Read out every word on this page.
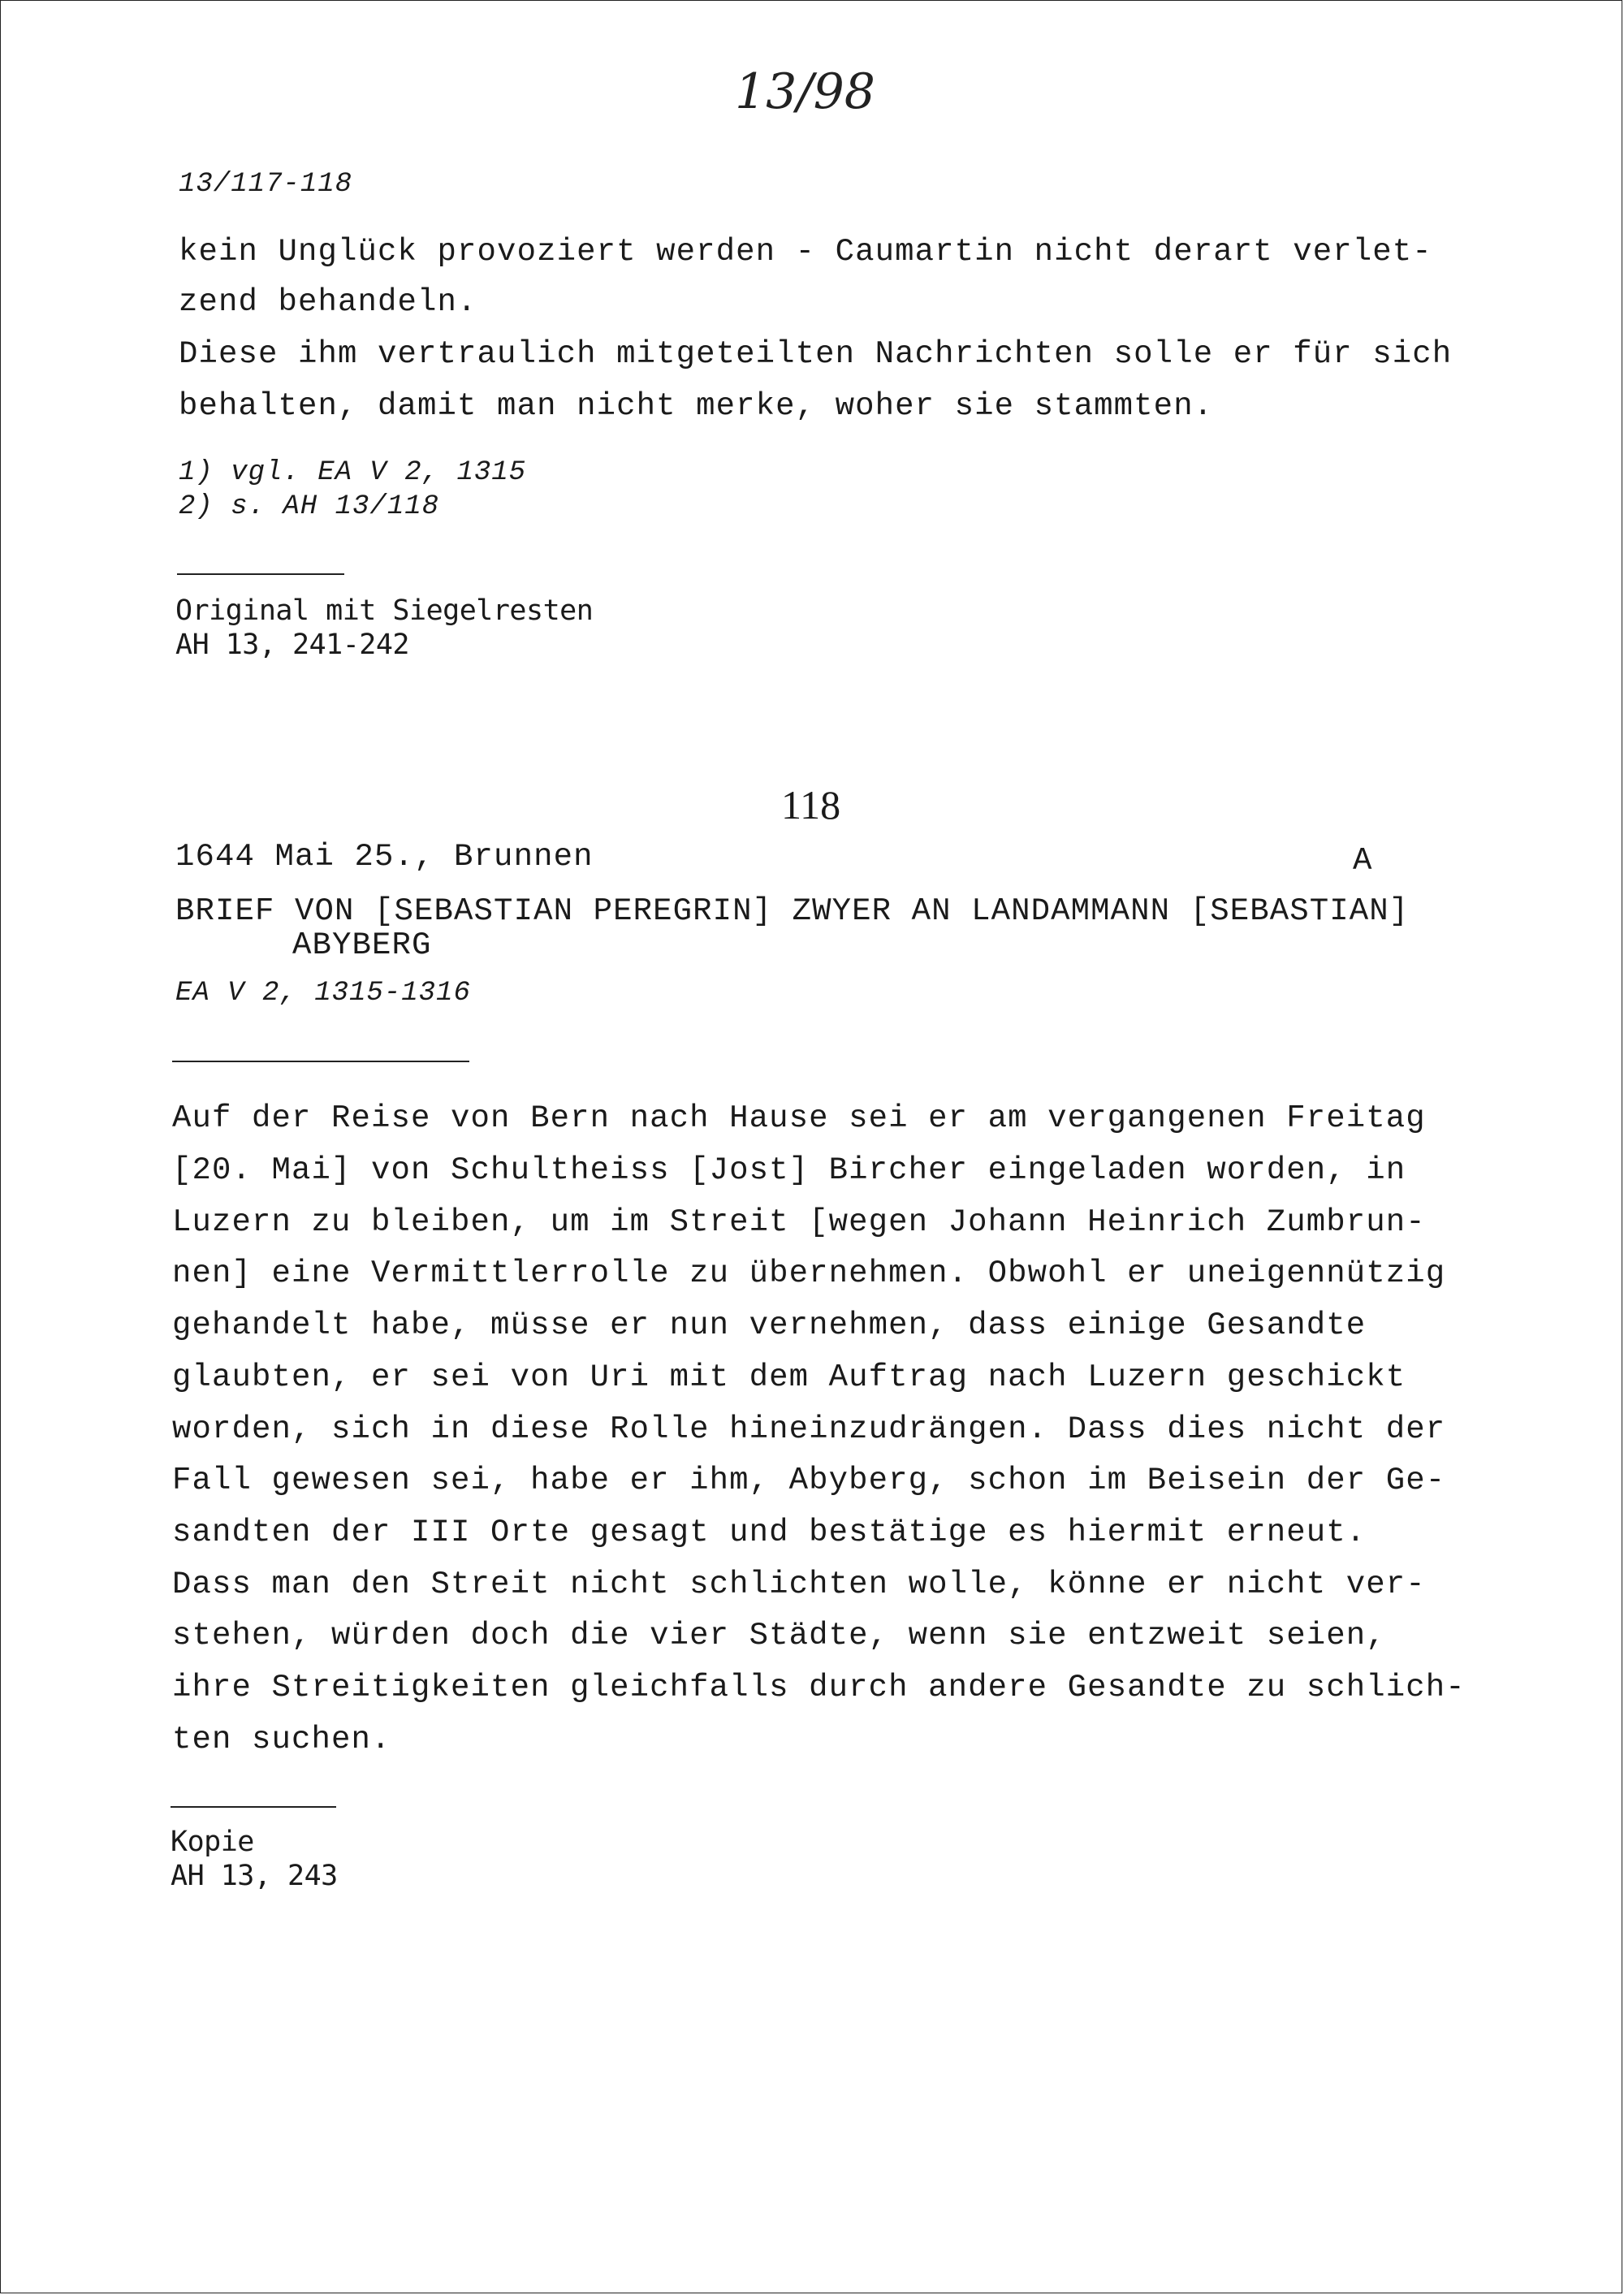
13/98
13/117-118
kein Unglück provoziert werden - Caumartin nicht derart verlet-
zend behandeln.
Diese ihm vertraulich mitgeteilten Nachrichten solle er für sich
behalten, damit man nicht merke, woher sie stammten.
1) vgl. EA V 2, 1315
2) s. AH 13/118
Original mit Siegelresten
AH 13, 241-242
118
1644 Mai 25., Brunnen	A
BRIEF VON [SEBASTIAN PEREGRIN] ZWYER AN LANDAMMANN [SEBASTIAN]
ABYBERG
EA V 2, 1315-1316
Auf der Reise von Bern nach Hause sei er am vergangenen Freitag
[20. Mai] von Schultheiss [Jost] Bircher eingeladen worden, in
Luzern zu bleiben, um im Streit [wegen Johann Heinrich Zumbrun-
nen] eine Vermittlerrolle zu übernehmen. Obwohl er uneigennützig
gehandelt habe, müsse er nun vernehmen, dass einige Gesandte
glaubten, er sei von Uri mit dem Auftrag nach Luzern geschickt
worden, sich in diese Rolle hineinzudrängen. Dass dies nicht der
Fall gewesen sei, habe er ihm, Abyberg, schon im Beisein der Ge-
sandten der III Orte gesagt und bestätige es hiermit erneut.
Dass man den Streit nicht schlichten wolle, könne er nicht ver-
stehen, würden doch die vier Städte, wenn sie entzweit seien,
ihre Streitigkeiten gleichfalls durch andere Gesandte zu schlich-
ten suchen.
Kopie
AH 13, 243
